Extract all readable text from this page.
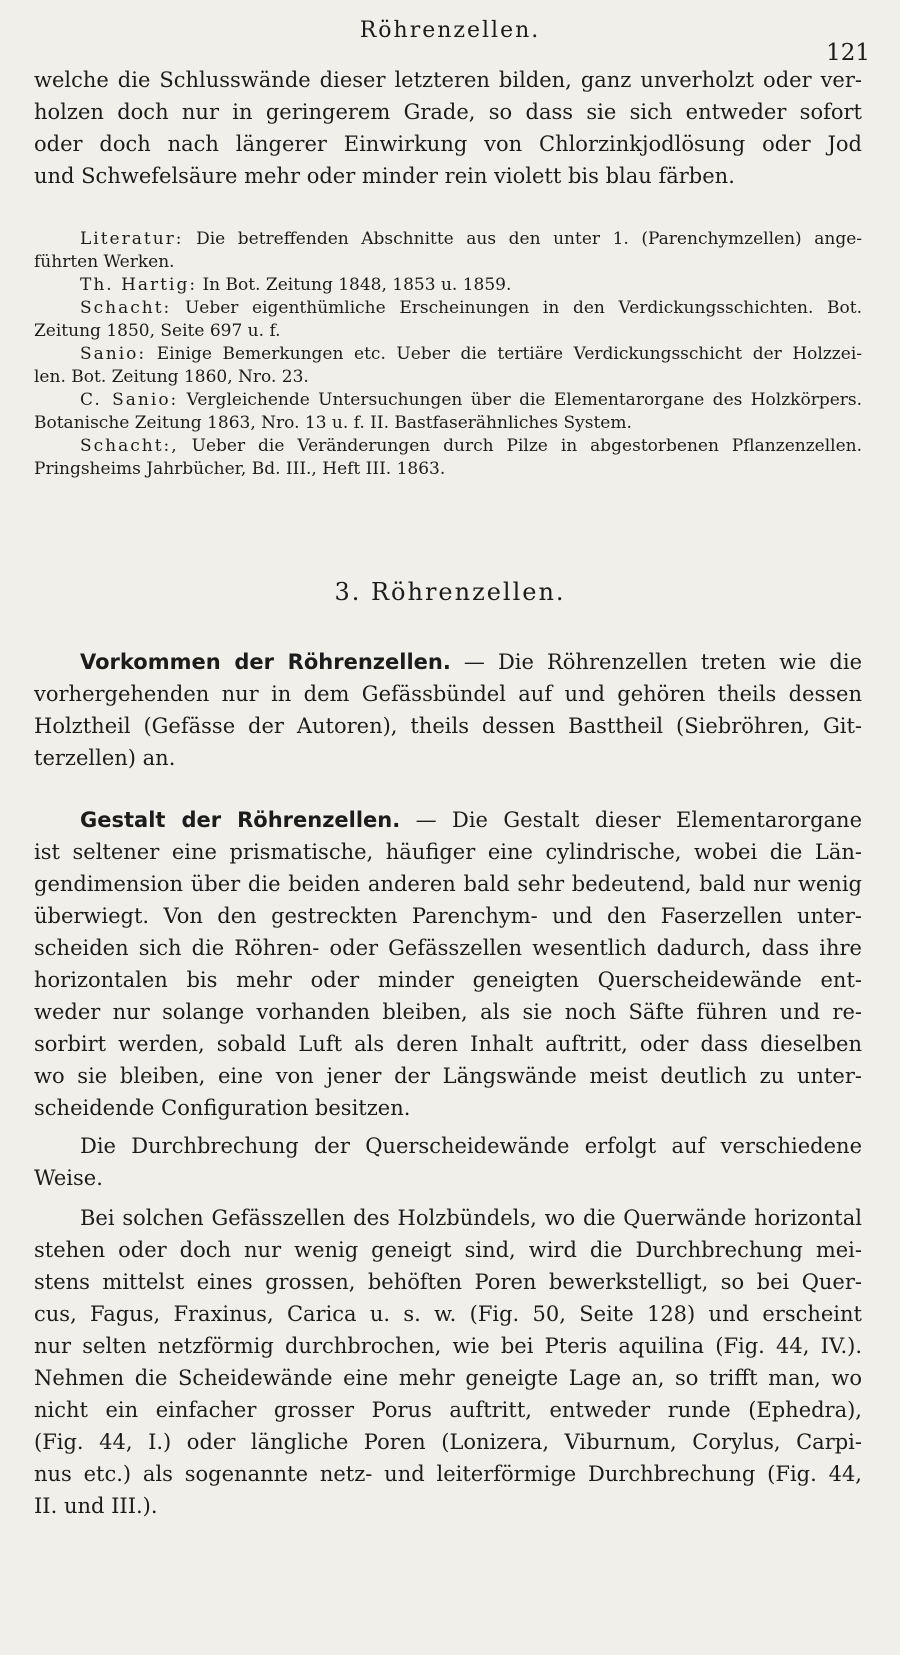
Röhrenzellen.
121
welche die Schlusswände dieser letzteren bilden, ganz unverholzt oder ver-
holzen doch nur in geringerem Grade, so dass sie sich entweder sofort
oder doch nach längerer Einwirkung von Chlorzinkjodlösung oder Jod
und Schwefelsäure mehr oder minder rein violett bis blau färben.
Literatur: Die betreffenden Abschnitte aus den unter 1. (Parenchymzellen) ange-
führten Werken.
Th. Hartig: In Bot. Zeitung 1848, 1853 u. 1859.
Schacht: Ueber eigenthümliche Erscheinungen in den Verdickungsschichten. Bot.
Zeitung 1850, Seite 697 u. f.
Sanio: Einige Bemerkungen etc. Ueber die tertiäre Verdickungsschicht der Holzzei-
len. Bot. Zeitung 1860, Nro. 23.
C. Sanio: Vergleichende Untersuchungen über die Elementarorgane des Holzkörpers.
Botanische Zeitung 1863, Nro. 13 u. f. II. Bastfaserähnliches System.
Schacht:, Ueber die Veränderungen durch Pilze in abgestorbenen Pflanzenzellen.
Pringsheims Jahrbücher, Bd. III., Heft III. 1863.
3. Röhrenzellen.
Vorkommen der Röhrenzellen. — Die Röhrenzellen treten wie die
vorhergehenden nur in dem Gefässbündel auf und gehören theils dessen
Holztheil (Gefässe der Autoren), theils dessen Basttheil (Siebröhren, Git-
terzellen) an.
Gestalt der Röhrenzellen. — Die Gestalt dieser Elementarorgane
ist seltener eine prismatische, häufiger eine cylindrische, wobei die Län-
gendimension über die beiden anderen bald sehr bedeutend, bald nur wenig
überwiegt. Von den gestreckten Parenchym- und den Faserzellen unter-
scheiden sich die Röhren- oder Gefässzellen wesentlich dadurch, dass ihre
horizontalen bis mehr oder minder geneigten Querscheidewände ent-
weder nur solange vorhanden bleiben, als sie noch Säfte führen und re-
sorbirt werden, sobald Luft als deren Inhalt auftritt, oder dass dieselben
wo sie bleiben, eine von jener der Längswände meist deutlich zu unter-
scheidende Configuration besitzen.
Die Durchbrechung der Querscheidewände erfolgt auf verschiedene
Weise.
Bei solchen Gefässzellen des Holzbündels, wo die Querwände horizontal
stehen oder doch nur wenig geneigt sind, wird die Durchbrechung mei-
stens mittelst eines grossen, behöften Poren bewerkstelligt, so bei Quer-
cus, Fagus, Fraxinus, Carica u. s. w. (Fig. 50, Seite 128) und erscheint
nur selten netzförmig durchbrochen, wie bei Pteris aquilina (Fig. 44, IV.).
Nehmen die Scheidewände eine mehr geneigte Lage an, so trifft man, wo
nicht ein einfacher grosser Porus auftritt, entweder runde (Ephedra),
(Fig. 44, I.) oder längliche Poren (Lonizera, Viburnum, Corylus, Carpi-
nus etc.) als sogenannte netz- und leiterförmige Durchbrechung (Fig. 44,
II. und III.).
